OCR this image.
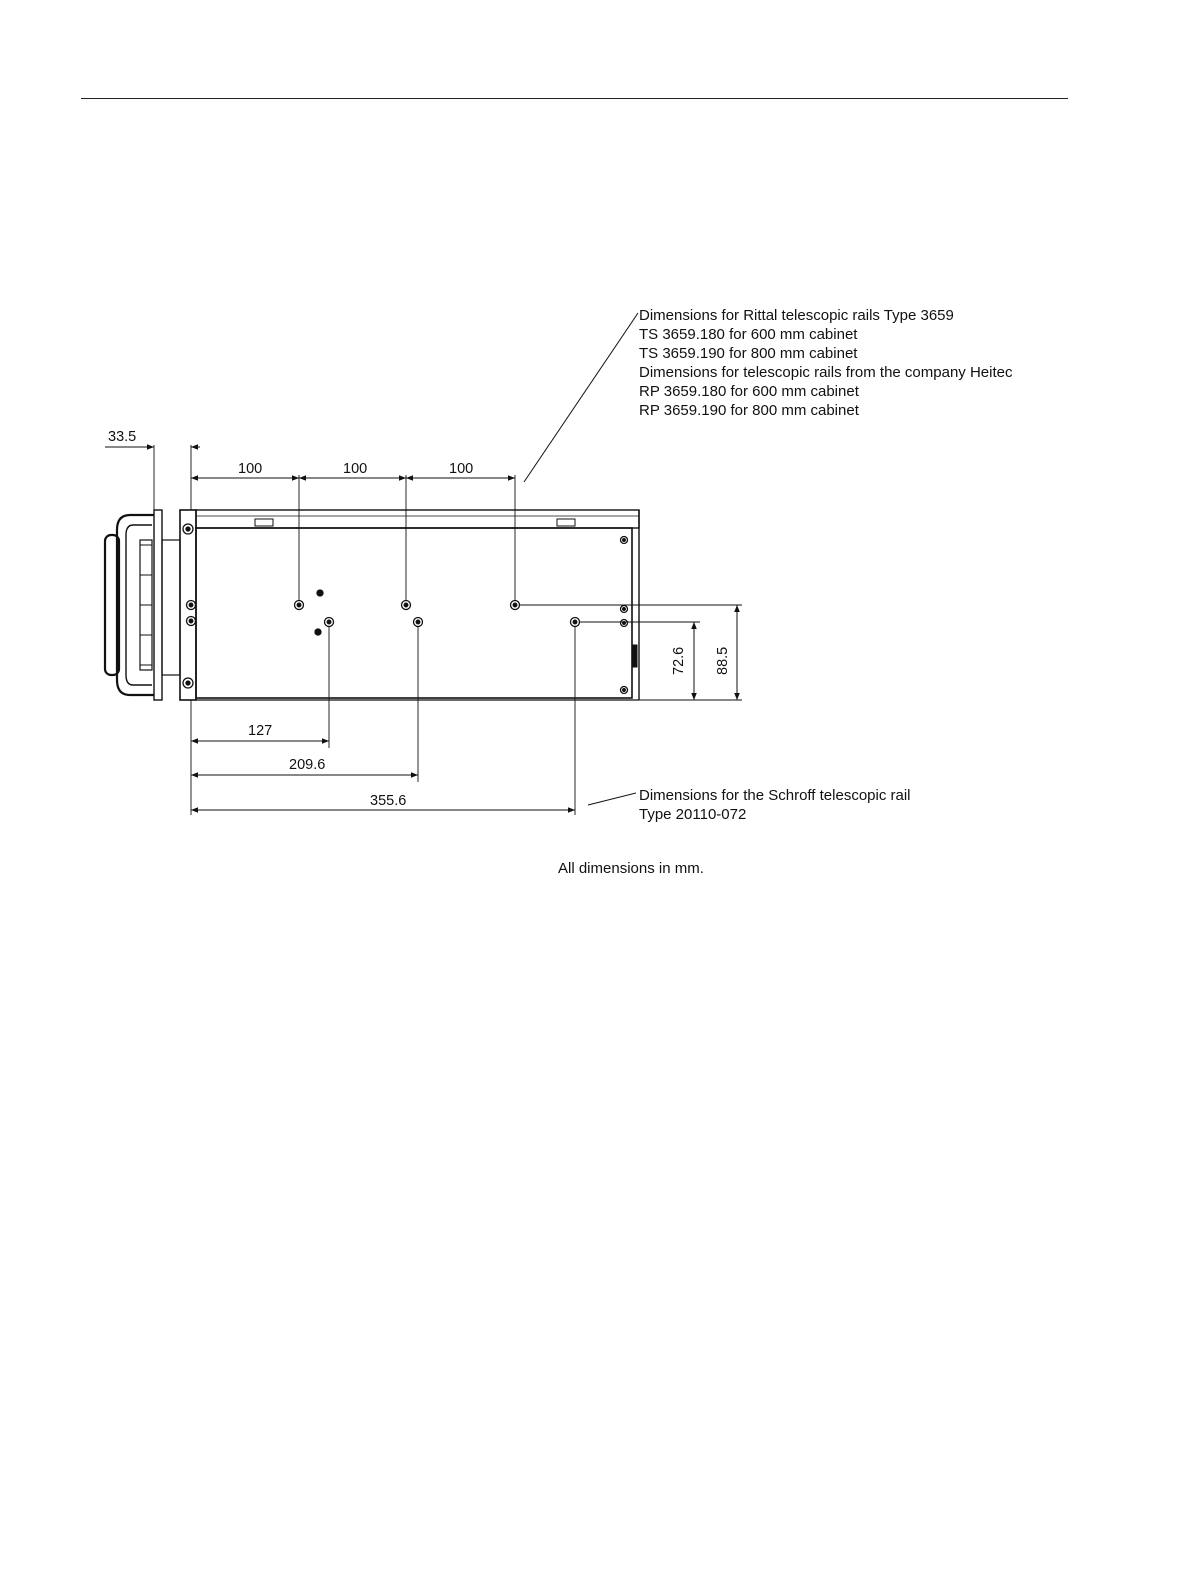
33.5
100	100	100
127
209.6
355.6
72.6 88.5
Dimensions for Rittal telescopic rails Type 3659
TS 3659.180 for 600 mm cabinet
TS 3659.190 for 800 mm cabinet
Dimensions for telescopic rails from the company Heitec
RP 3659.180 for 600 mm cabinet
RP 3659.190 for 800 mm cabinet
Dimensions for the Schroff telescopic rail
Type 20110-072
All dimensions in mm.
